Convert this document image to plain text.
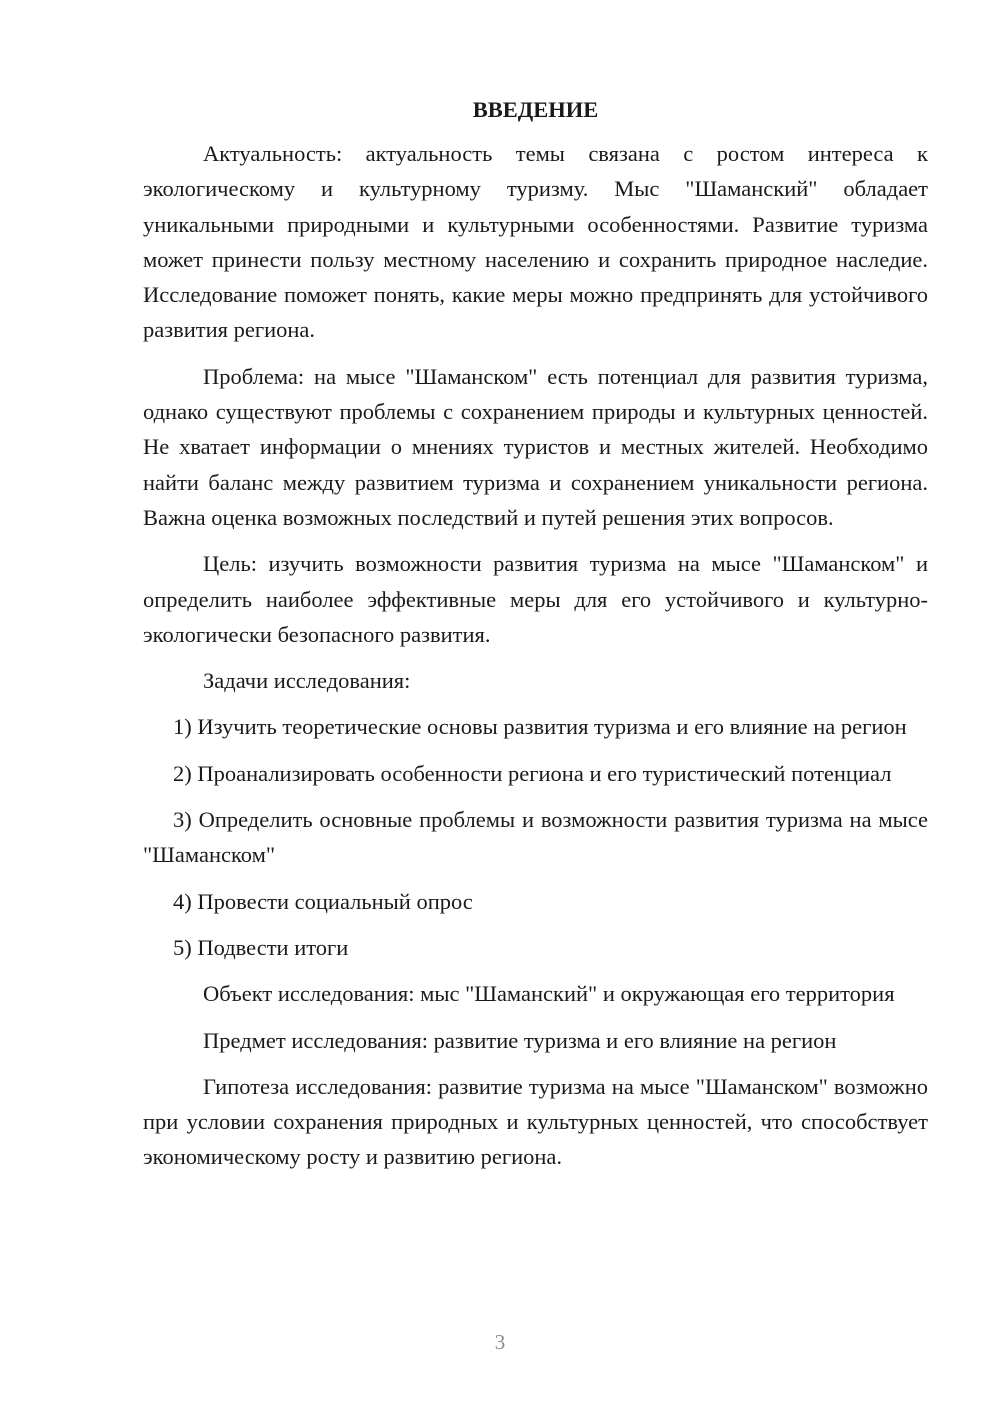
ВВЕДЕНИЕ

Актуальность: актуальность темы связана с ростом интереса к экологическому и культурному туризму. Мыс "Шаманский" обладает уникальными природными и культурными особенностями. Развитие туризма может принести пользу местному населению и сохранить природное наследие. Исследование поможет понять, какие меры можно предпринять для устойчивого развития региона.

Проблема: на мысе "Шаманском" есть потенциал для развития туризма, однако существуют проблемы с сохранением природы и культурных ценностей. Не хватает информации о мнениях туристов и местных жителей. Необходимо найти баланс между развитием туризма и сохранением уникальности региона. Важна оценка возможных последствий и путей решения этих вопросов.

Цель: изучить возможности развития туризма на мысе "Шаманском" и определить наиболее эффективные меры для его устойчивого и культурно-экологически безопасного развития.

Задачи исследования:

1) Изучить теоретические основы развития туризма и его влияние на регион

2) Проанализировать особенности региона и его туристический потенциал

3) Определить основные проблемы и возможности развития туризма на мысе "Шаманском"

4) Провести социальный опрос

5) Подвести итоги

Объект исследования: мыс "Шаманский" и окружающая его территория

Предмет исследования: развитие туризма и его влияние на регион

Гипотеза исследования: развитие туризма на мысе "Шаманском" возможно при условии сохранения природных и культурных ценностей, что способствует экономическому росту и развитию региона.

3
